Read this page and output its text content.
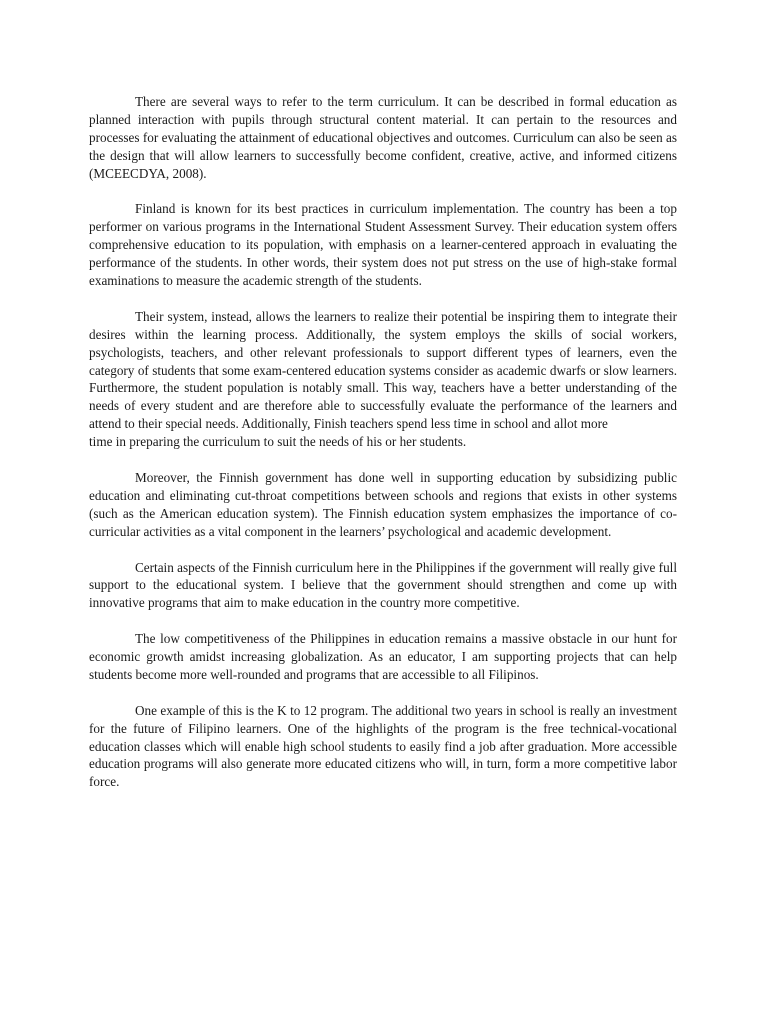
There are several ways to refer to the term curriculum. It can be described in formal education as planned interaction with pupils through structural content material. It can pertain to the resources and processes for evaluating the attainment of educational objectives and outcomes. Curriculum can also be seen as the design that will allow learners to successfully become confident, creative, active, and informed citizens (MCEECDYA, 2008).

Finland is known for its best practices in curriculum implementation. The country has been a top performer on various programs in the International Student Assessment Survey. Their education system offers comprehensive education to its population, with emphasis on a learner-centered approach in evaluating the performance of the students. In other words, their system does not put stress on the use of high-stake formal examinations to measure the academic strength of the students.

Their system, instead, allows the learners to realize their potential be inspiring them to integrate their desires within the learning process. Additionally, the system employs the skills of social workers, psychologists, teachers, and other relevant professionals to support different types of learners, even the category of students that some exam-centered education systems consider as academic dwarfs or slow learners. Furthermore, the student population is notably small. This way, teachers have a better understanding of the needs of every student and are therefore able to successfully evaluate the performance of the learners and attend to their special needs. Additionally, Finish teachers spend less time in school and allot more

time in preparing the curriculum to suit the needs of his or her students.

Moreover, the Finnish government has done well in supporting education by subsidizing public education and eliminating cut-throat competitions between schools and regions that exists in other systems (such as the American education system). The Finnish education system emphasizes the importance of co-curricular activities as a vital component in the learners’ psychological and academic development.

Certain aspects of the Finnish curriculum here in the Philippines if the government will really give full support to the educational system. I believe that the government should strengthen and come up with innovative programs that aim to make education in the country more competitive.

The low competitiveness of the Philippines in education remains a massive obstacle in our hunt for economic growth amidst increasing globalization. As an educator, I am supporting projects that can help students become more well-rounded and programs that are accessible to all Filipinos.

One example of this is the K to 12 program. The additional two years in school is really an investment for the future of Filipino learners. One of the highlights of the program is the free technical-vocational education classes which will enable high school students to easily find a job after graduation. More accessible education programs will also generate more educated citizens who will, in turn, form a more competitive labor force.
